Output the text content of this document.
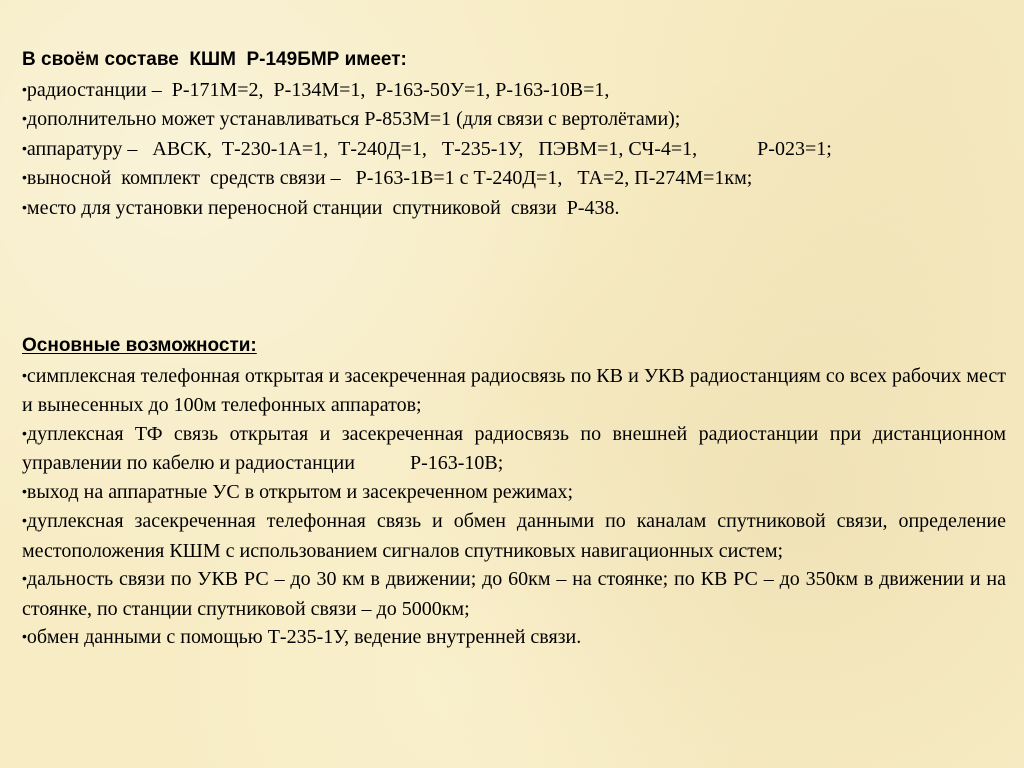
В своём составе  КШМ  Р-149БМР имеет:

•радиостанции –  Р-171М=2,  Р-134М=1,  Р-163-50У=1, Р-163-10В=1,

•дополнительно может устанавливаться Р-853М=1 (для связи с вертолётами);

•аппаратуру –   АВСК,  Т-230-1А=1,  Т-240Д=1,   Т-235-1У,   ПЭВМ=1, СЧ-4=1,            Р-023=1;

•выносной  комплект  средств связи –   Р-163-1В=1 с Т-240Д=1,   ТА=2, П-274М=1км;

•место для установки переносной станции  спутниковой  связи  Р-438.

Основные возможности:

•симплексная телефонная открытая и засекреченная радиосвязь по КВ и УКВ радиостанциям со всех рабочих мест и вынесенных до 100м телефонных аппаратов;

•дуплексная ТФ связь открытая и засекреченная радиосвязь по внешней радиостанции при дистанционном управлении по кабелю и радиостанции           Р-163-10В;

•выход на аппаратные УС в открытом и засекреченном режимах;

•дуплексная засекреченная телефонная связь и обмен данными по каналам спутниковой связи, определение местоположения КШМ с использованием сигналов спутниковых навигационных систем;

•дальность связи по УКВ РС – до 30 км в движении; до 60км – на стоянке; по КВ РС – до 350км в движении и на стоянке, по станции спутниковой связи – до 5000км;

•обмен данными с помощью Т-235-1У, ведение внутренней связи.
